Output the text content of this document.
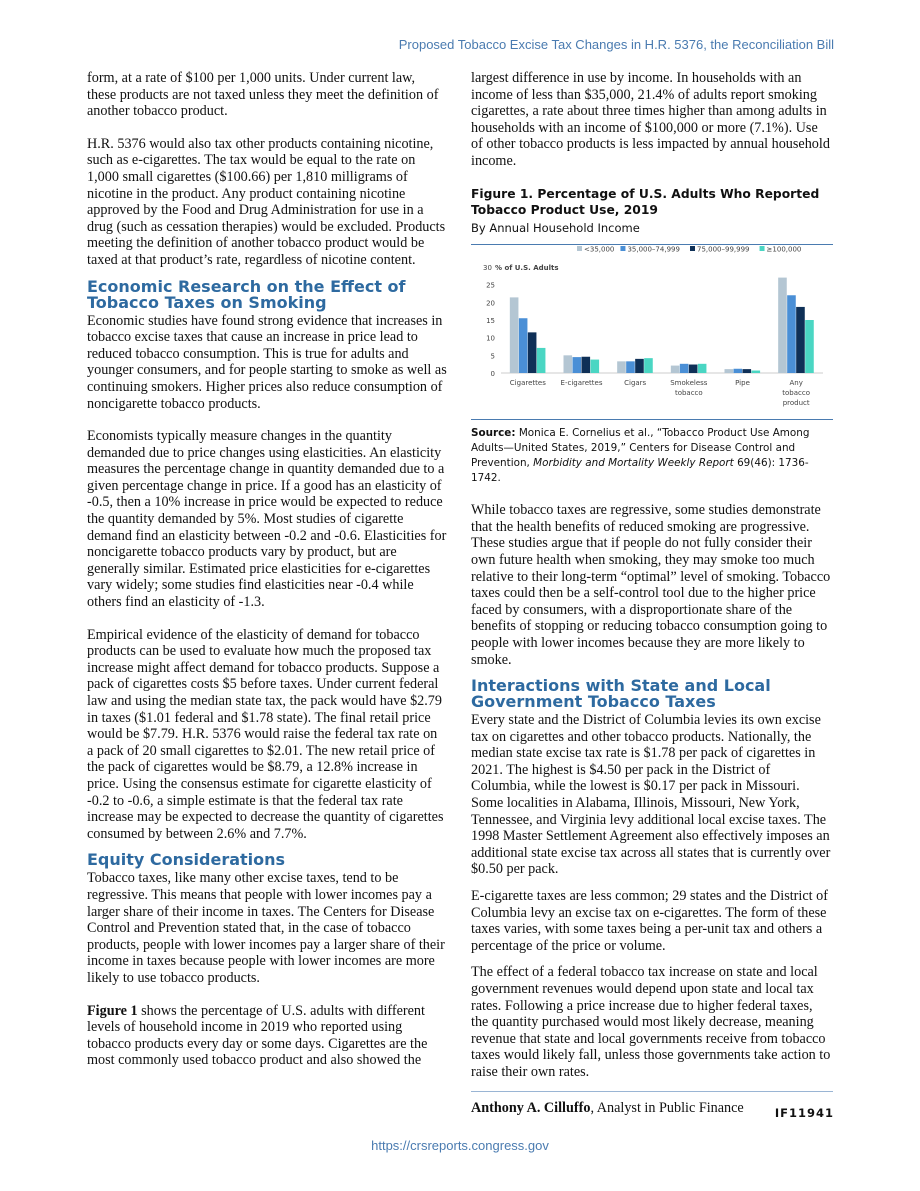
Proposed Tobacco Excise Tax Changes in H.R. 5376, the Reconciliation Bill

form, at a rate of $100 per 1,000 units. Under current law, these products are not taxed unless they meet the definition of another tobacco product.

H.R. 5376 would also tax other products containing nicotine, such as e-cigarettes. The tax would be equal to the rate on 1,000 small cigarettes ($100.66) per 1,810 milligrams of nicotine in the product. Any product containing nicotine approved by the Food and Drug Administration for use in a drug (such as cessation therapies) would be excluded. Products meeting the definition of another tobacco product would be taxed at that product’s rate, regardless of nicotine content.

Economic Research on the Effect of Tobacco Taxes on Smoking

Economic studies have found strong evidence that increases in tobacco excise taxes that cause an increase in price lead to reduced tobacco consumption. This is true for adults and younger consumers, and for people starting to smoke as well as continuing smokers. Higher prices also reduce consumption of noncigarette tobacco products.

Economists typically measure changes in the quantity demanded due to price changes using elasticities. An elasticity measures the percentage change in quantity demanded due to a given percentage change in price. If a good has an elasticity of -0.5, then a 10% increase in price would be expected to reduce the quantity demanded by 5%. Most studies of cigarette demand find an elasticity between -0.2 and -0.6. Elasticities for noncigarette tobacco products vary by product, but are generally similar. Estimated price elasticities for e-cigarettes vary widely; some studies find elasticities near -0.4 while others find an elasticity of -1.3.

Empirical evidence of the elasticity of demand for tobacco products can be used to evaluate how much the proposed tax increase might affect demand for tobacco products. Suppose a pack of cigarettes costs $5 before taxes. Under current federal law and using the median state tax, the pack would have $2.79 in taxes ($1.01 federal and $1.78 state). The final retail price would be $7.79. H.R. 5376 would raise the federal tax rate on a pack of 20 small cigarettes to $2.01. The new retail price of the pack of cigarettes would be $8.79, a 12.8% increase in price. Using the consensus estimate for cigarette elasticity of -0.2 to -0.6, a simple estimate is that the federal tax rate increase may be expected to decrease the quantity of cigarettes consumed by between 2.6% and 7.7%.

Equity Considerations

Tobacco taxes, like many other excise taxes, tend to be regressive. This means that people with lower incomes pay a larger share of their income in taxes. The Centers for Disease Control and Prevention stated that, in the case of tobacco products, people with lower incomes pay a larger share of their income in taxes because people with lower incomes are more likely to use tobacco products.

Figure 1 shows the percentage of U.S. adults with different levels of household income in 2019 who reported using tobacco products every day or some days. Cigarettes are the most commonly used tobacco product and also showed the

largest difference in use by income. In households with an income of less than $35,000, 21.4% of adults report smoking cigarettes, a rate about three times higher than among adults in households with an income of $100,000 or more (7.1%). Use of other tobacco products is less impacted by annual household income.

Figure 1. Percentage of U.S. Adults Who Reported Tobacco Product Use, 2019
By Annual Household Income
<35,000 35,000–74,999 75,000–99,999 ≥100,000
0
5
10
15
20
25
30 % of U.S. Adults
Cigarettes E-cigarettes	Cigars	Smokeless
tobacco
Pipe	Any
tobacco
product

Source: Monica E. Cornelius et al., “Tobacco Product Use Among Adults—United States, 2019,” Centers for Disease Control and Prevention, Morbidity and Mortality Weekly Report 69(46): 1736-1742.

While tobacco taxes are regressive, some studies demonstrate that the health benefits of reduced smoking are progressive. These studies argue that if people do not fully consider their own future health when smoking, they may smoke too much relative to their long-term “optimal” level of smoking. Tobacco taxes could then be a self-control tool due to the higher price faced by consumers, with a disproportionate share of the benefits of stopping or reducing tobacco consumption going to people with lower incomes because they are more likely to smoke.

Interactions with State and Local Government Tobacco Taxes

Every state and the District of Columbia levies its own excise tax on cigarettes and other tobacco products. Nationally, the median state excise tax rate is $1.78 per pack of cigarettes in 2021. The highest is $4.50 per pack in the District of Columbia, while the lowest is $0.17 per pack in Missouri. Some localities in Alabama, Illinois, Missouri, New York, Tennessee, and Virginia levy additional local excise taxes. The 1998 Master Settlement Agreement also effectively imposes an additional state excise tax across all states that is currently over $0.50 per pack.

E-cigarette taxes are less common; 29 states and the District of Columbia levy an excise tax on e-cigarettes. The form of these taxes varies, with some taxes being a per-unit tax and others a percentage of the price or volume.

The effect of a federal tobacco tax increase on state and local government revenues would depend upon state and local tax rates. Following a price increase due to higher federal taxes, the quantity purchased would most likely decrease, meaning revenue that state and local governments receive from tobacco taxes would likely fall, unless those governments take action to raise their own rates.

Anthony A. Cilluffo, Analyst in Public Finance	IF11941
https://crsreports.congress.gov
